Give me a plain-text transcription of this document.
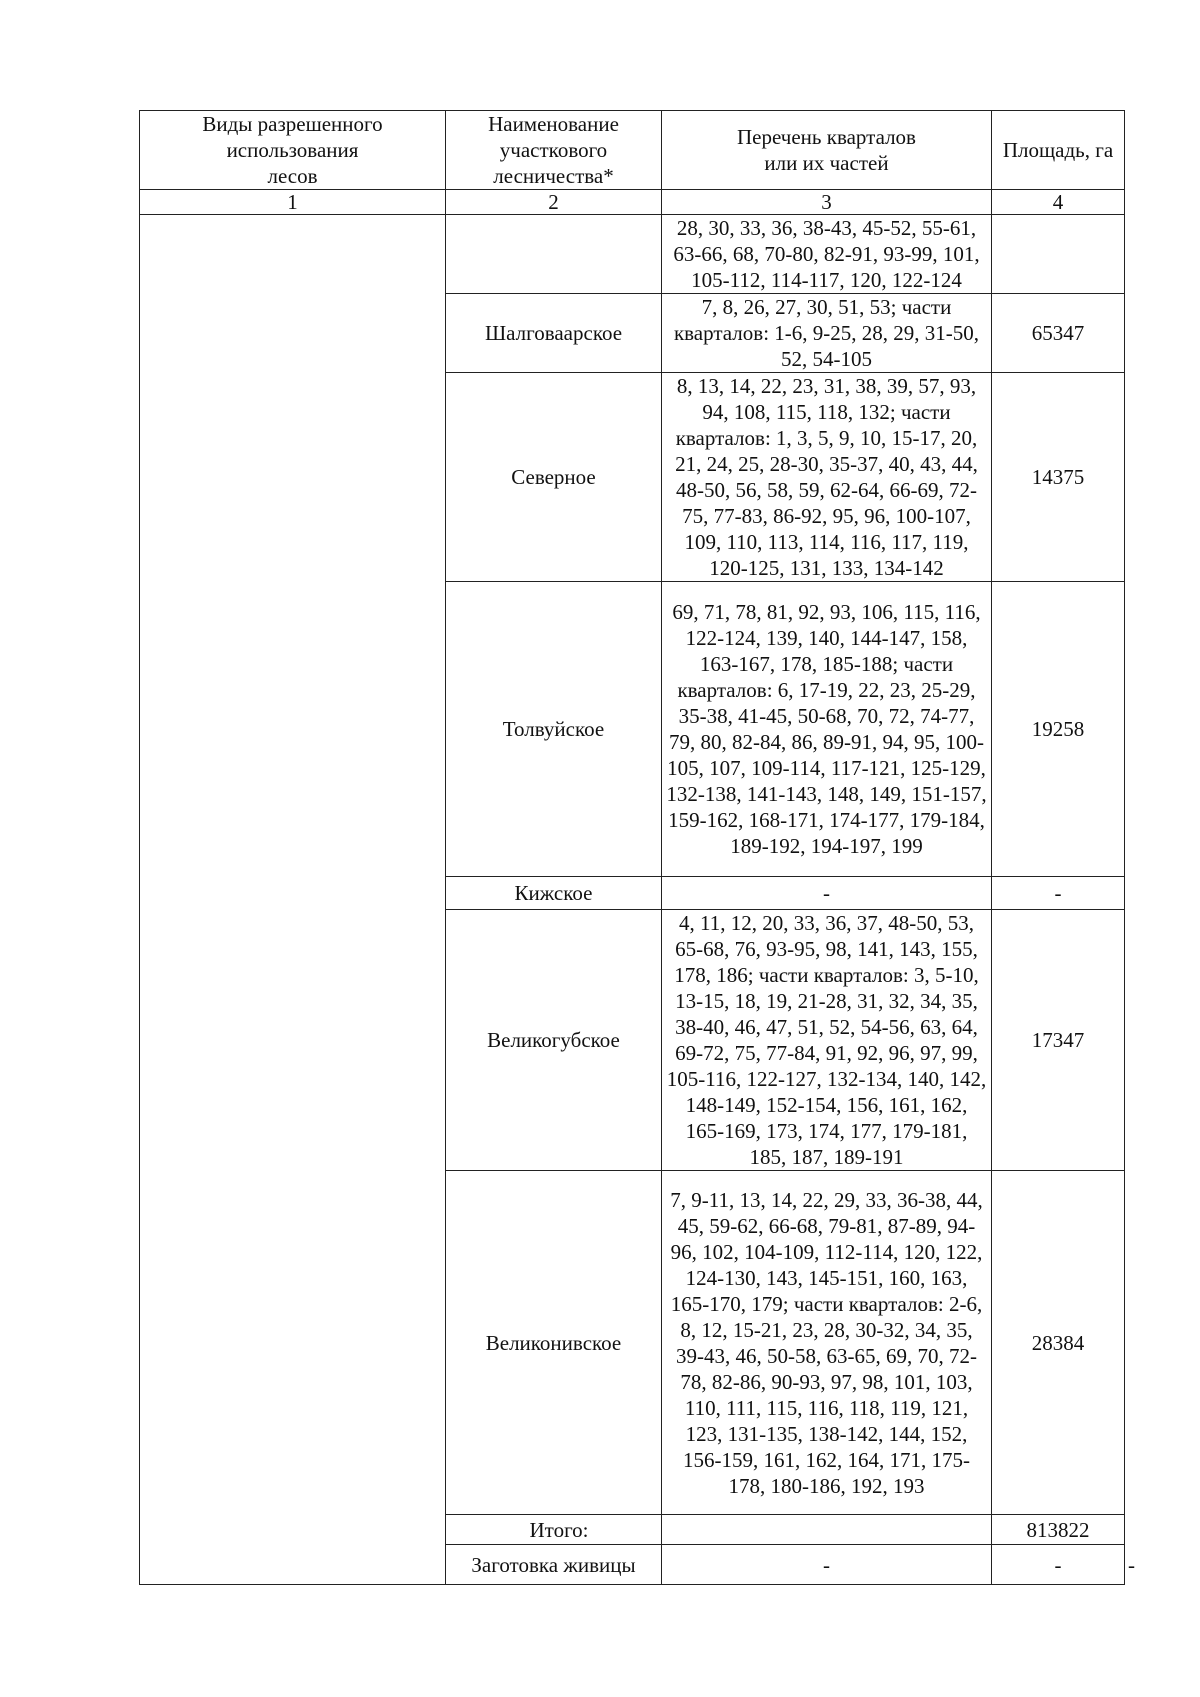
Виды разрешенного использования лесов	Наименование участкового лесничества*	Перечень кварталов или их частей	Площадь, га	
1	2	3	4	
		28, 30, 33, 36, 38-43, 45-52, 55-61, 63-66, 68, 70-80, 82-91, 93-99, 101, 105-112, 114-117, 120, 122-124		
	Шалговаарское	7, 8, 26, 27, 30, 51, 53; части кварталов: 1-6, 9-25, 28, 29, 31-50, 52, 54-105	65347	
	Северное	8, 13, 14, 22, 23, 31, 38, 39, 57, 93, 94, 108, 115, 118, 132; части кварталов: 1, 3, 5, 9, 10, 15-17, 20, 21, 24, 25, 28-30, 35-37, 40, 43, 44, 48-50, 56, 58, 59, 62-64, 66-69, 72-75, 77-83, 86-92, 95, 96, 100-107, 109, 110, 113, 114, 116, 117, 119, 120-125, 131, 133, 134-142	14375	
	Толвуйское	69, 71, 78, 81, 92, 93, 106, 115, 116, 122-124, 139, 140, 144-147, 158, 163-167, 178, 185-188; части кварталов: 6, 17-19, 22, 23, 25-29, 35-38, 41-45, 50-68, 70, 72, 74-77, 79, 80, 82-84, 86, 89-91, 94, 95, 100-105, 107, 109-114, 117-121, 125-129, 132-138, 141-143, 148, 149, 151-157, 159-162, 168-171, 174-177, 179-184, 189-192, 194-197, 199	19258	
	Кижское	-	-	
	Великогубское	4, 11, 12, 20, 33, 36, 37, 48-50, 53, 65-68, 76, 93-95, 98, 141, 143, 155, 178, 186; части кварталов: 3, 5-10, 13-15, 18, 19, 21-28, 31, 32, 34, 35, 38-40, 46, 47, 51, 52, 54-56, 63, 64, 69-72, 75, 77-84, 91, 92, 96, 97, 99, 105-116, 122-127, 132-134, 140, 142, 148-149, 152-154, 156, 161, 162, 165-169, 173, 174, 177, 179-181, 185, 187, 189-191	17347	
	Великонивское	7, 9-11, 13, 14, 22, 29, 33, 36-38, 44, 45, 59-62, 66-68, 79-81, 87-89, 94-96, 102, 104-109, 112-114, 120, 122, 124-130, 143, 145-151, 160, 163, 165-170, 179; части кварталов: 2-6, 8, 12, 15-21, 23, 28, 30-32, 34, 35, 39-43, 46, 50-58, 63-65, 69, 70, 72-78, 82-86, 90-93, 97, 98, 101, 103, 110, 111, 115, 116, 118, 119, 121, 123, 131-135, 138-142, 144, 152, 156-159, 161, 162, 164, 171, 175-178, 180-186, 192, 193	28384	
	Итого:		813822	
	Заготовка живицы	-	-	-
